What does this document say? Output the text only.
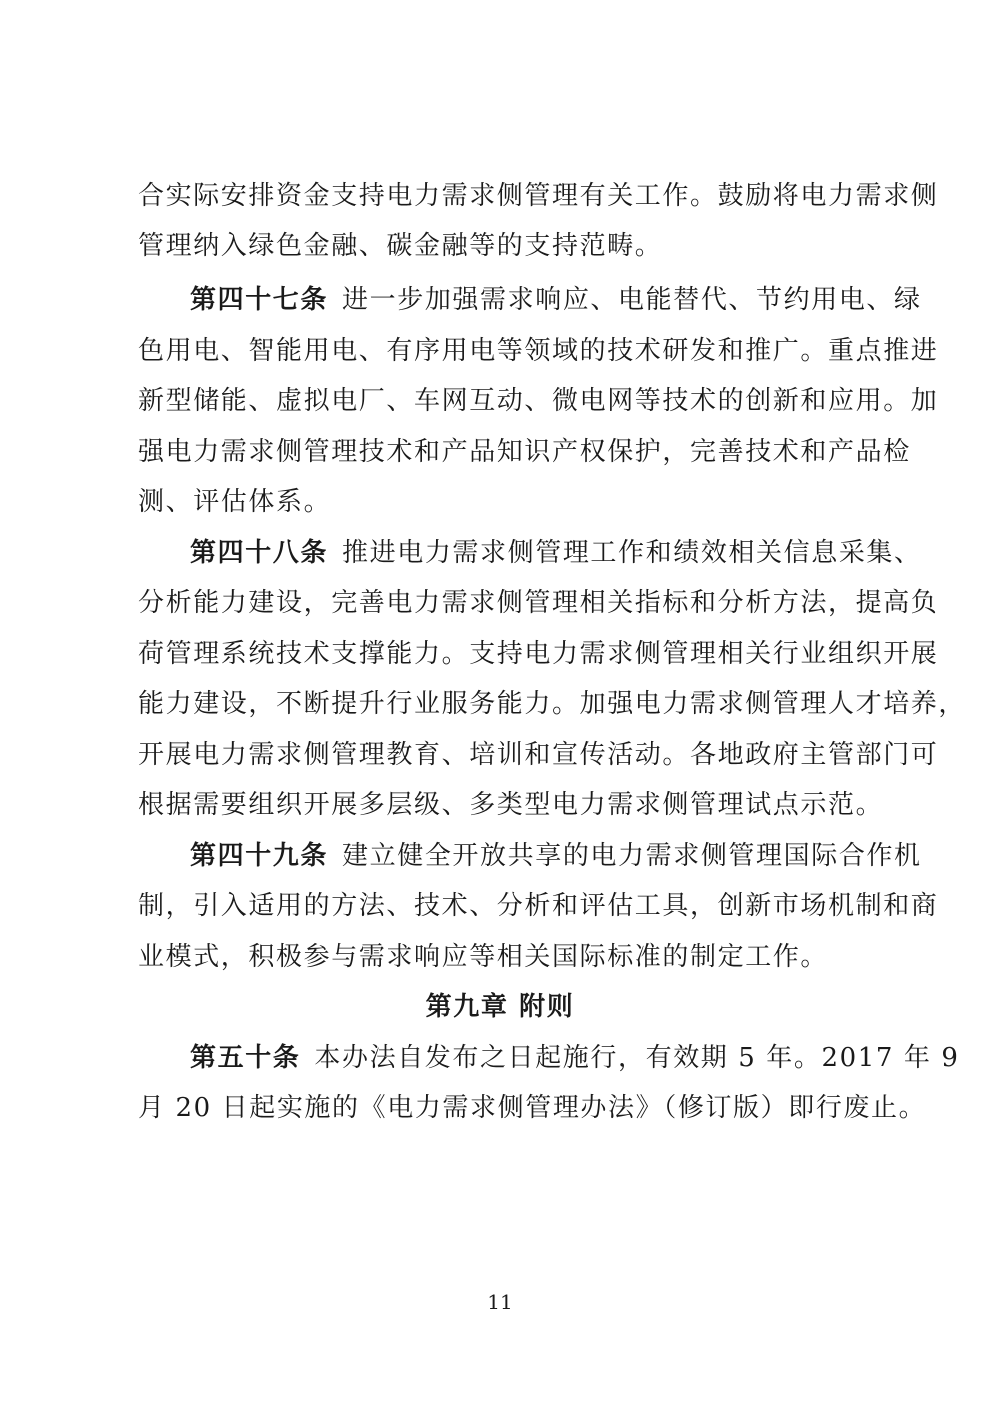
合实际安排资金支持电力需求侧管理有关工作。鼓励将电力需求侧
管理纳入绿色金融、碳金融等的支持范畴。
第四十七条 进一步加强需求响应、电能替代、节约用电、绿
色用电、智能用电、有序用电等领域的技术研发和推广。重点推进
新型储能、虚拟电厂、车网互动、微电网等技术的创新和应用。加
强电力需求侧管理技术和产品知识产权保护，完善技术和产品检
测、评估体系。
第四十八条 推进电力需求侧管理工作和绩效相关信息采集、
分析能力建设，完善电力需求侧管理相关指标和分析方法，提高负
荷管理系统技术支撑能力。支持电力需求侧管理相关行业组织开展
能力建设，不断提升行业服务能力。加强电力需求侧管理人才培养，
开展电力需求侧管理教育、培训和宣传活动。各地政府主管部门可
根据需要组织开展多层级、多类型电力需求侧管理试点示范。
第四十九条 建立健全开放共享的电力需求侧管理国际合作机
制，引入适用的方法、技术、分析和评估工具，创新市场机制和商
业模式，积极参与需求响应等相关国际标准的制定工作。
第九章 附则
第五十条 本办法自发布之日起施行，有效期 5 年。2017 年 9
月 20 日起实施的《电力需求侧管理办法》（修订版）即行废止。
11
